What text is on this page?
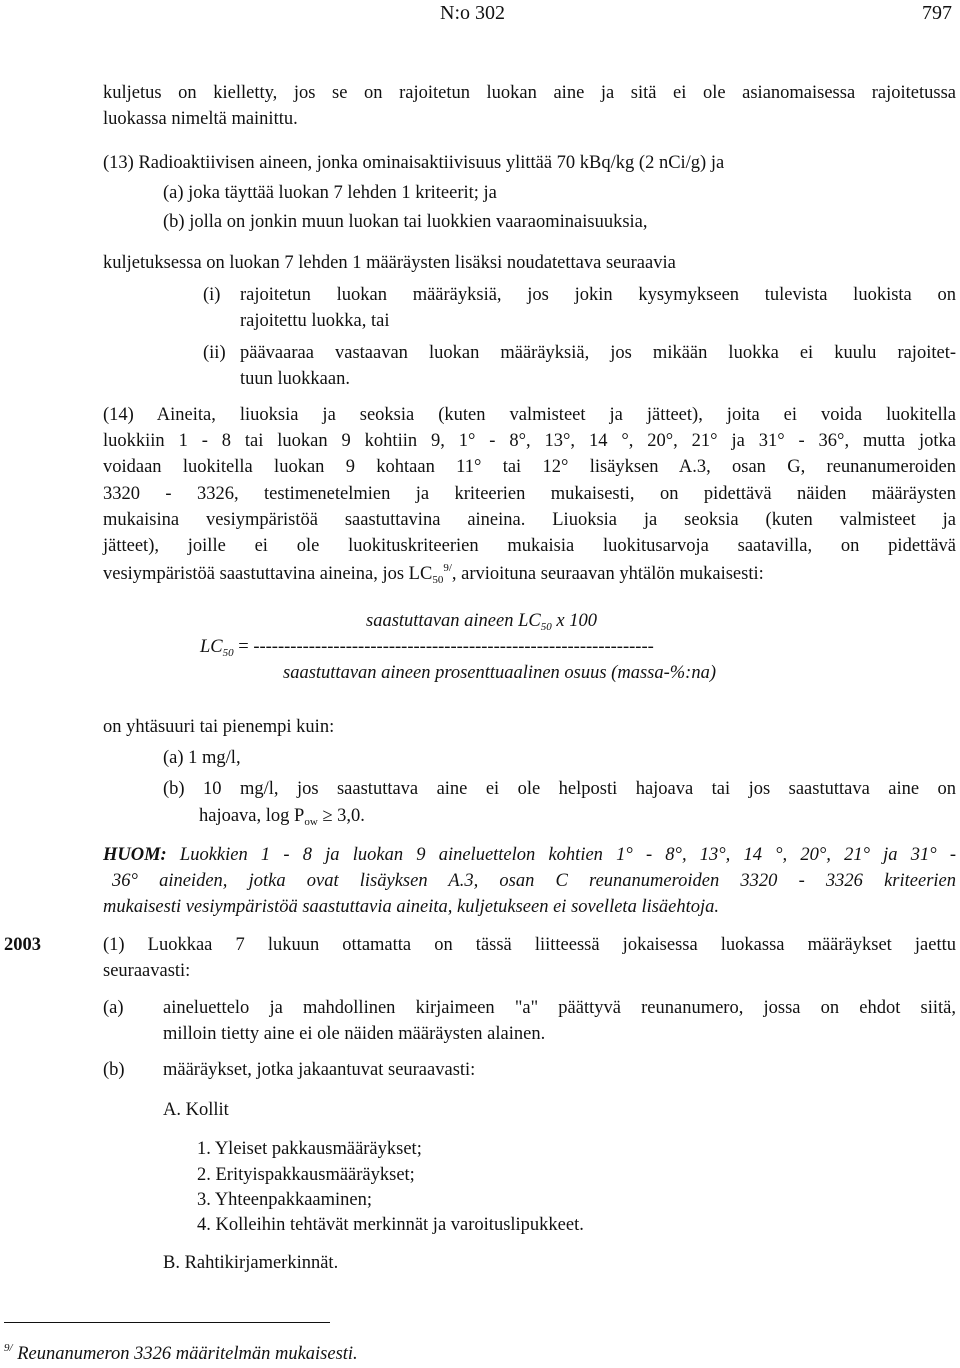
N:o 302	797
kuljetus on kielletty, jos se on rajoitetun luokan aine ja sitä ei ole asianomaisessa rajoitetussa
luokassa nimeltä mainittu.
(13) Radioaktiivisen aineen, jonka ominaisaktiivisuus ylittää 70 kBq/kg (2 nCi/g) ja
(a) joka täyttää luokan 7 lehden 1 kriteerit; ja
(b) jolla on jonkin muun luokan tai luokkien vaaraominaisuuksia,
kuljetuksessa on luokan 7 lehden 1 määräysten lisäksi noudatettava seuraavia
(i) rajoitetun luokan määräyksiä, jos jokin kysymykseen tulevista luokista on
rajoitettu luokka, tai
(ii) päävaaraa vastaavan luokan määräyksiä, jos mikään luokka ei kuulu rajoitet-
tuun luokkaan.
(14) Aineita, liuoksia ja seoksia (kuten valmisteet ja jätteet), joita ei voida luokitella
luokkiin 1 - 8 tai luokan 9 kohtiin 9, 1° - 8°, 13°, 14 °, 20°, 21° ja 31° - 36°, mutta jotka
voidaan luokitella luokan 9 kohtaan 11° tai 12° lisäyksen A.3, osan G, reunanumeroiden
3320 - 3326, testimenetelmien ja kriteerien mukaisesti, on pidettävä näiden määräysten
mukaisina vesiympäristöä saastuttavina aineina. Liuoksia ja seoksia (kuten valmisteet ja
jätteet), joille ei ole luokituskriteerien mukaisia luokitusarvoja saatavilla, on pidettävä
vesiympäristöä saastuttavina aineina, jos $LC_{50}^{9/}$, arvioituna seuraavan yhtälön mukaisesti:
saastuttavan aineen $LC_{50}$ x 100
$LC_{50}$ = -----------------------------------------------------------------
saastuttavan aineen prosenttuaalinen osuus (massa-%:na)
on yhtäsuuri tai pienempi kuin:
(a) 1 mg/l,
(b) 10 mg/l, jos saastuttava aine ei ole helposti hajoava tai jos saastuttava aine on
hajoava, $\log P_{ow} \ge 3,0$.
HUOM: Luokkien 1 - 8 ja luokan 9 aineluettelon kohtien 1° - 8°, 13°, 14 °, 20°, 21° ja 31° -
36° aineiden, jotka ovat lisäyksen A.3, osan C reunanumeroiden 3320 - 3326 kriteerien
mukaisesti vesiympäristöä saastuttavia aineita, kuljetukseen ei sovelleta lisäehtoja.
2003	(1) Luokkaa 7 lukuun ottamatta on tässä liitteessä jokaisessa luokassa määräykset jaettu
seuraavasti:
(a) aineluettelo ja mahdollinen kirjaimeen "a" päättyvä reunanumero, jossa on ehdot siitä,
milloin tietty aine ei ole näiden määräysten alainen.
(b) määräykset, jotka jakaantuvat seuraavasti:
A. Kollit
1. Yleiset pakkausmääräykset;
2. Erityispakkausmääräykset;
3. Yhteenpakkaaminen;
4. Kolleihin tehtävät merkinnät ja varoituslipukkeet.
B. Rahtikirjamerkinnät.
$^{9/}$ Reunanumeron 3326 määritelmän mukaisesti.
